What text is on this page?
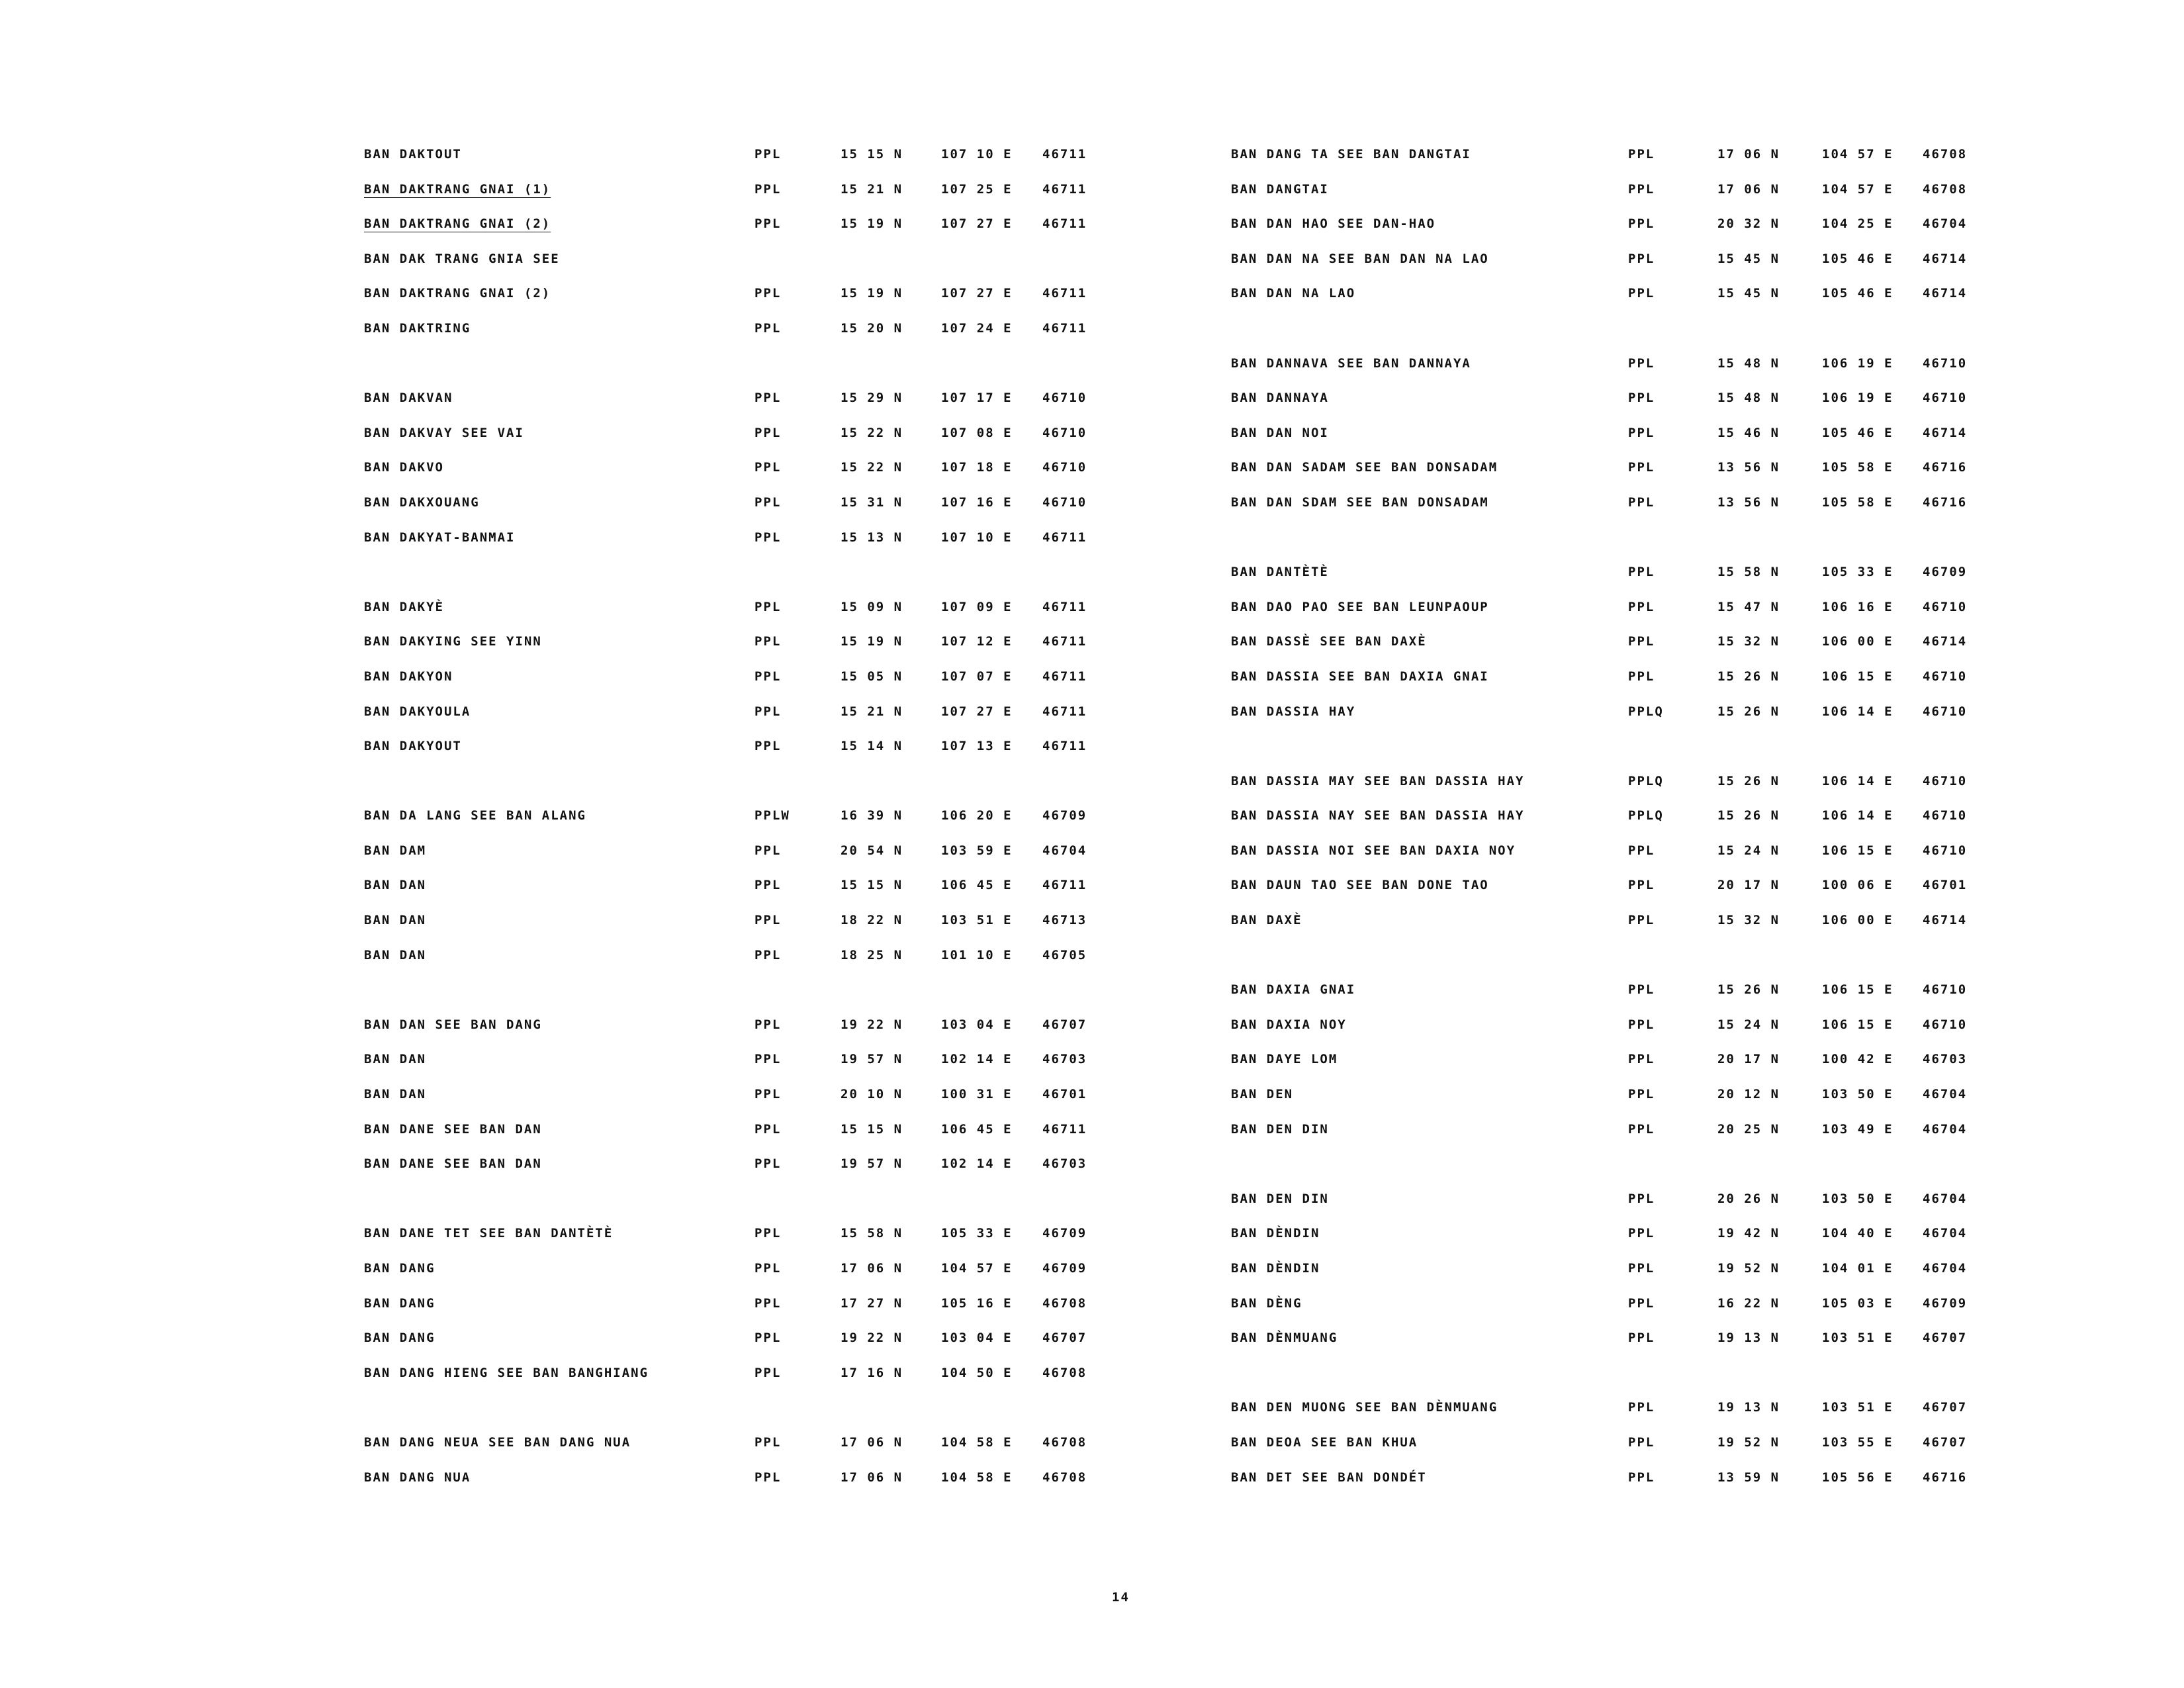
BAN DAKTOUT	PPL	15 15 N	107 10 E 46711
BAN DAKTRANG GNAI (1)	PPL	15 21 N	107 25 E 46711
BAN DAKTRANG GNAI (2)	PPL	15 19 N	107 27 E 46711
BAN DAK TRANG GNIA SEE
BAN DAKTRANG GNAI (2)	PPL	15 19 N	107 27 E 46711
BAN DAKTRING	PPL	15 20 N	107 24 E 46711
BAN DAKVAN	PPL	15 29 N	107 17 E 46710
BAN DAKVAY SEE VAI	PPL	15 22 N	107 08 E 46710
BAN DAKVO	PPL	15 22 N	107 18 E 46710
BAN DAKXOUANG	PPL	15 31 N	107 16 E 46710
BAN DAKYAT-BANMAI	PPL	15 13 N	107 10 E 46711
BAN DAKYÈ	PPL	15 09 N	107 09 E 46711
BAN DAKYING SEE YINN	PPL	15 19 N	107 12 E 46711
BAN DAKYON	PPL	15 05 N	107 07 E 46711
BAN DAKYOULA	PPL	15 21 N	107 27 E 46711
BAN DAKYOUT	PPL	15 14 N	107 13 E 46711
BAN DA LANG SEE BAN ALANG	PPLW	16 39 N	106 20 E 46709
BAN DAM	PPL	20 54 N	103 59 E 46704
BAN DAN	PPL	15 15 N	106 45 E 46711
BAN DAN	PPL	18 22 N	103 51 E 46713
BAN DAN	PPL	18 25 N	101 10 E 46705
BAN DAN SEE BAN DANG	PPL	19 22 N	103 04 E 46707
BAN DAN	PPL	19 57 N	102 14 E 46703
BAN DAN	PPL	20 10 N	100 31 E 46701
BAN DANE SEE BAN DAN	PPL	15 15 N	106 45 E 46711
BAN DANE SEE BAN DAN	PPL	19 57 N	102 14 E 46703
BAN DANE TET SEE BAN DANTÈTÈ	PPL	15 58 N	105 33 E 46709
BAN DANG	PPL	17 06 N	104 57 E 46709
BAN DANG	PPL	17 27 N	105 16 E 46708
BAN DANG	PPL	19 22 N	103 04 E 46707
BAN DANG HIENG SEE BAN BANGHIANG	PPL	17 16 N	104 50 E 46708
BAN DANG NEUA SEE BAN DANG NUA	PPL	17 06 N	104 58 E 46708
BAN DANG NUA	PPL	17 06 N	104 58 E 46708
BAN DANG TA SEE BAN DANGTAI	PPL	17 06 N	104 57 E 46708
BAN DANGTAI	PPL	17 06 N	104 57 E 46708
BAN DAN HAO SEE DAN-HAO	PPL	20 32 N	104 25 E 46704
BAN DAN NA SEE BAN DAN NA LAO	PPL	15 45 N	105 46 E 46714
BAN DAN NA LAO	PPL	15 45 N	105 46 E 46714
BAN DANNAVA SEE BAN DANNAYA	PPL	15 48 N	106 19 E 46710
BAN DANNAYA	PPL	15 48 N	106 19 E 46710
BAN DAN NOI	PPL	15 46 N	105 46 E 46714
BAN DAN SADAM SEE BAN DONSADAM	PPL	13 56 N	105 58 E 46716
BAN DAN SDAM SEE BAN DONSADAM	PPL	13 56 N	105 58 E 46716
BAN DANTÈTÈ	PPL	15 58 N	105 33 E 46709
BAN DAO PAO SEE BAN LEUNPAOUP	PPL	15 47 N	106 16 E 46710
BAN DASSÈ SEE BAN DAXÈ	PPL	15 32 N	106 00 E 46714
BAN DASSIA SEE BAN DAXIA GNAI	PPL	15 26 N	106 15 E 46710
BAN DASSIA HAY	PPLQ	15 26 N	106 14 E 46710
BAN DASSIA MAY SEE BAN DASSIA HAY	PPLQ	15 26 N	106 14 E 46710
BAN DASSIA NAY SEE BAN DASSIA HAY	PPLQ	15 26 N	106 14 E 46710
BAN DASSIA NOI SEE BAN DAXIA NOY	PPL	15 24 N	106 15 E 46710
BAN DAUN TAO SEE BAN DONE TAO	PPL	20 17 N	100 06 E 46701
BAN DAXÈ	PPL	15 32 N	106 00 E 46714
BAN DAXIA GNAI	PPL	15 26 N	106 15 E 46710
BAN DAXIA NOY	PPL	15 24 N	106 15 E 46710
BAN DAYE LOM	PPL	20 17 N	100 42 E 46703
BAN DEN	PPL	20 12 N	103 50 E 46704
BAN DEN DIN	PPL	20 25 N	103 49 E 46704
BAN DEN DIN	PPL	20 26 N	103 50 E 46704
BAN DÈNDIN	PPL	19 42 N	104 40 E 46704
BAN DÈNDIN	PPL	19 52 N	104 01 E 46704
BAN DÈNG	PPL	16 22 N	105 03 E 46709
BAN DÈNMUANG	PPL	19 13 N	103 51 E 46707
BAN DEN MUONG SEE BAN DÈNMUANG	PPL	19 13 N	103 51 E 46707
BAN DEOA SEE BAN KHUA	PPL	19 52 N	103 55 E 46707
BAN DET SEE BAN DONDÉT	PPL	13 59 N	105 56 E 46716
14
